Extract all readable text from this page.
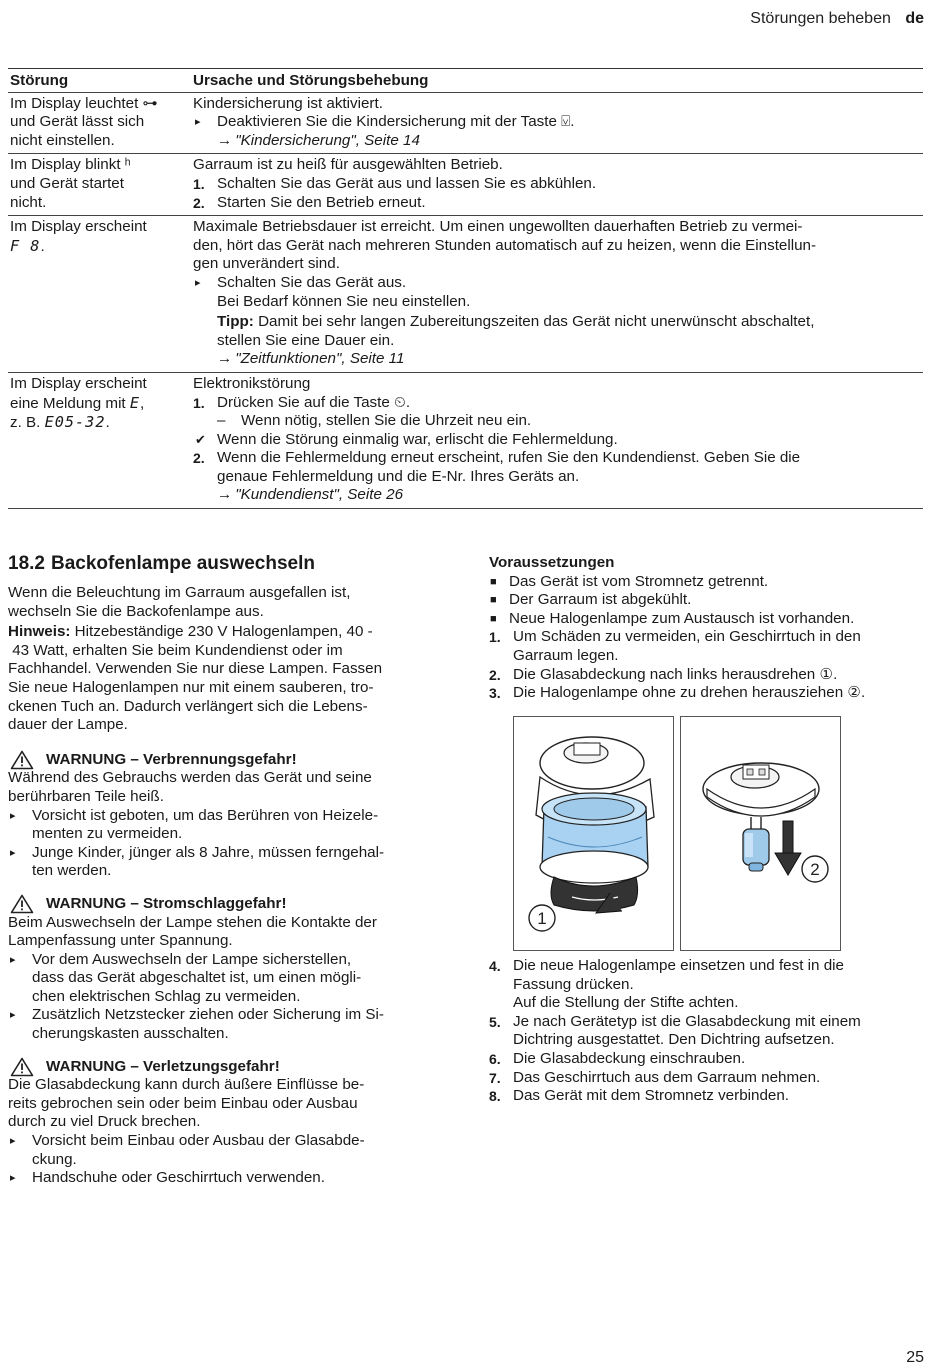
Störungen beheben de
Störung	Ursache und Störungsbehebung
Im Display leuchtet ⊶
und Gerät lässt sich
nicht einstellen.
Kindersicherung ist aktiviert.
▸ Deaktivieren Sie die Kindersicherung mit der Taste ⍌.
→ "Kindersicherung", Seite 14
Im Display blinkt ʰ
und Gerät startet
nicht.
Garraum ist zu heiß für ausgewählten Betrieb.
1. Schalten Sie das Gerät aus und lassen Sie es abkühlen.
2. Starten Sie den Betrieb erneut.
Im Display erscheint
F 8.
Maximale Betriebsdauer ist erreicht. Um einen ungewollten dauerhaften Betrieb zu vermei-
den, hört das Gerät nach mehreren Stunden automatisch auf zu heizen, wenn die Einstellun-
gen unverändert sind.
▸ Schalten Sie das Gerät aus.
Bei Bedarf können Sie neu einstellen.
Tipp: Damit bei sehr langen Zubereitungszeiten das Gerät nicht unerwünscht abschaltet,
stellen Sie eine Dauer ein.
→ "Zeitfunktionen", Seite 11
Im Display erscheint
eine Meldung mit E,
z. B. E05-32.
Elektronikstörung
1. Drücken Sie auf die Taste ⏲.
– Wenn nötig, stellen Sie die Uhrzeit neu ein.
✔ Wenn die Störung einmalig war, erlischt die Fehlermeldung.
2. Wenn die Fehlermeldung erneut erscheint, rufen Sie den Kundendienst. Geben Sie die
genaue Fehlermeldung und die E-Nr. Ihres Geräts an.
→ "Kundendienst", Seite 26
18.2 Backofenlampe auswechseln
Wenn die Beleuchtung im Garraum ausgefallen ist,
wechseln Sie die Backofenlampe aus.
Hinweis: Hitzebeständige 230 V Halogenlampen, 40 -
43 Watt, erhalten Sie beim Kundendienst oder im
Fachhandel. Verwenden Sie nur diese Lampen. Fassen
Sie neue Halogenlampen nur mit einem sauberen, tro-
ckenen Tuch an. Dadurch verlängert sich die Lebens-
dauer der Lampe.
WARNUNG – Verbrennungsgefahr!
Während des Gebrauchs werden das Gerät und seine
berührbaren Teile heiß.
▸ Vorsicht ist geboten, um das Berühren von Heizele-
menten zu vermeiden.
▸ Junge Kinder, jünger als 8 Jahre, müssen ferngehal-
ten werden.
WARNUNG – Stromschlaggefahr!
Beim Auswechseln der Lampe stehen die Kontakte der
Lampenfassung unter Spannung.
▸ Vor dem Auswechseln der Lampe sicherstellen,
dass das Gerät abgeschaltet ist, um einen mögli-
chen elektrischen Schlag zu vermeiden.
▸ Zusätzlich Netzstecker ziehen oder Sicherung im Si-
cherungskasten ausschalten.
WARNUNG – Verletzungsgefahr!
Die Glasabdeckung kann durch äußere Einflüsse be-
reits gebrochen sein oder beim Einbau oder Ausbau
durch zu viel Druck brechen.
▸ Vorsicht beim Einbau oder Ausbau der Glasabde-
ckung.
▸ Handschuhe oder Geschirrtuch verwenden.
Voraussetzungen
■ Das Gerät ist vom Stromnetz getrennt.
■ Der Garraum ist abgekühlt.
■ Neue Halogenlampe zum Austausch ist vorhanden.
1. Um Schäden zu vermeiden, ein Geschirrtuch in den
Garraum legen.
2. Die Glasabdeckung nach links herausdrehen ①.
3. Die Halogenlampe ohne zu drehen herausziehen ②.
1
2
4. Die neue Halogenlampe einsetzen und fest in die
Fassung drücken.
Auf die Stellung der Stifte achten.
5. Je nach Gerätetyp ist die Glasabdeckung mit einem
Dichtring ausgestattet. Den Dichtring aufsetzen.
6. Die Glasabdeckung einschrauben.
7. Das Geschirrtuch aus dem Garraum nehmen.
8. Das Gerät mit dem Stromnetz verbinden.
25
